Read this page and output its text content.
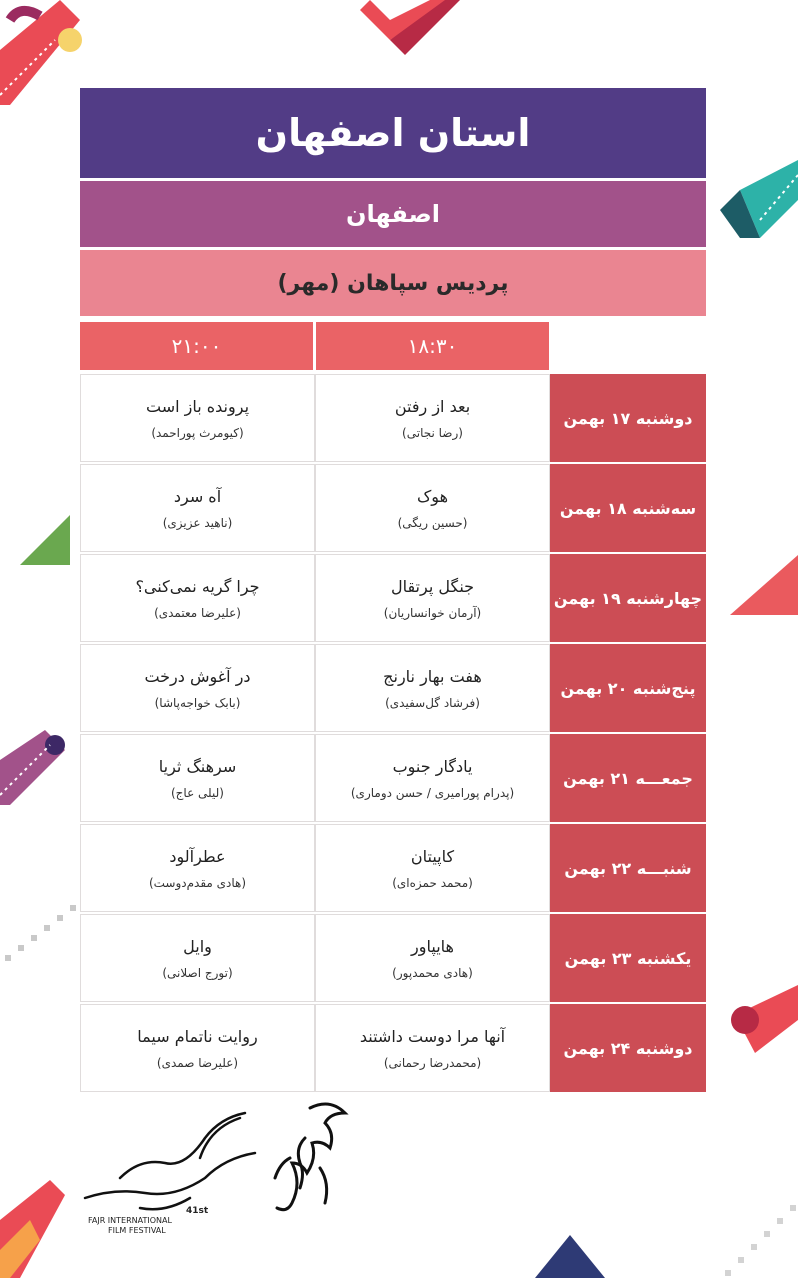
استان اصفهان
اصفهان
پردیس سپاهان (مهر)
۲۱:۰۰	۱۸:۳۰
پرونده باز است
(کیومرث پوراحمد)
بعد از رفتن
(رضا نجاتی)
دوشنبه ۱۷ بهمن
آه سرد
(ناهید عزیزی)
هوک
(حسین ریگی)
سه‌شنبه ۱۸ بهمن
چرا گریه نمی‌کنی؟
(علیرضا معتمدی)
جنگل پرتقال
(آرمان خوانساریان)
چهارشنبه ۱۹ بهمن
در آغوش درخت
(بابک خواجه‌پاشا)
هفت بهار نارنج
(فرشاد گل‌سفیدی)
پنج‌شنبه ۲۰ بهمن
سرهنگ ثریا
(لیلی عاج)
یادگار جنوب
(پدرام پورامیری / حسن دوماری)
جمعـــه ۲۱ بهمن
عطرآلود
(هادی مقدم‌دوست)
کاپیتان
(محمد حمزه‌ای)
شنبـــه ۲۲ بهمن
وایل
(تورج اصلانی)
هایپاور
(هادی محمدپور)
یکشنبه ۲۳ بهمن
روایت ناتمام سیما
(علیرضا صمدی)
آنها مرا دوست داشتند
(محمدرضا رحمانی)
دوشنبه ۲۴ بهمن
41st
FAJR INTERNATIONAL
FILM FESTIVAL
